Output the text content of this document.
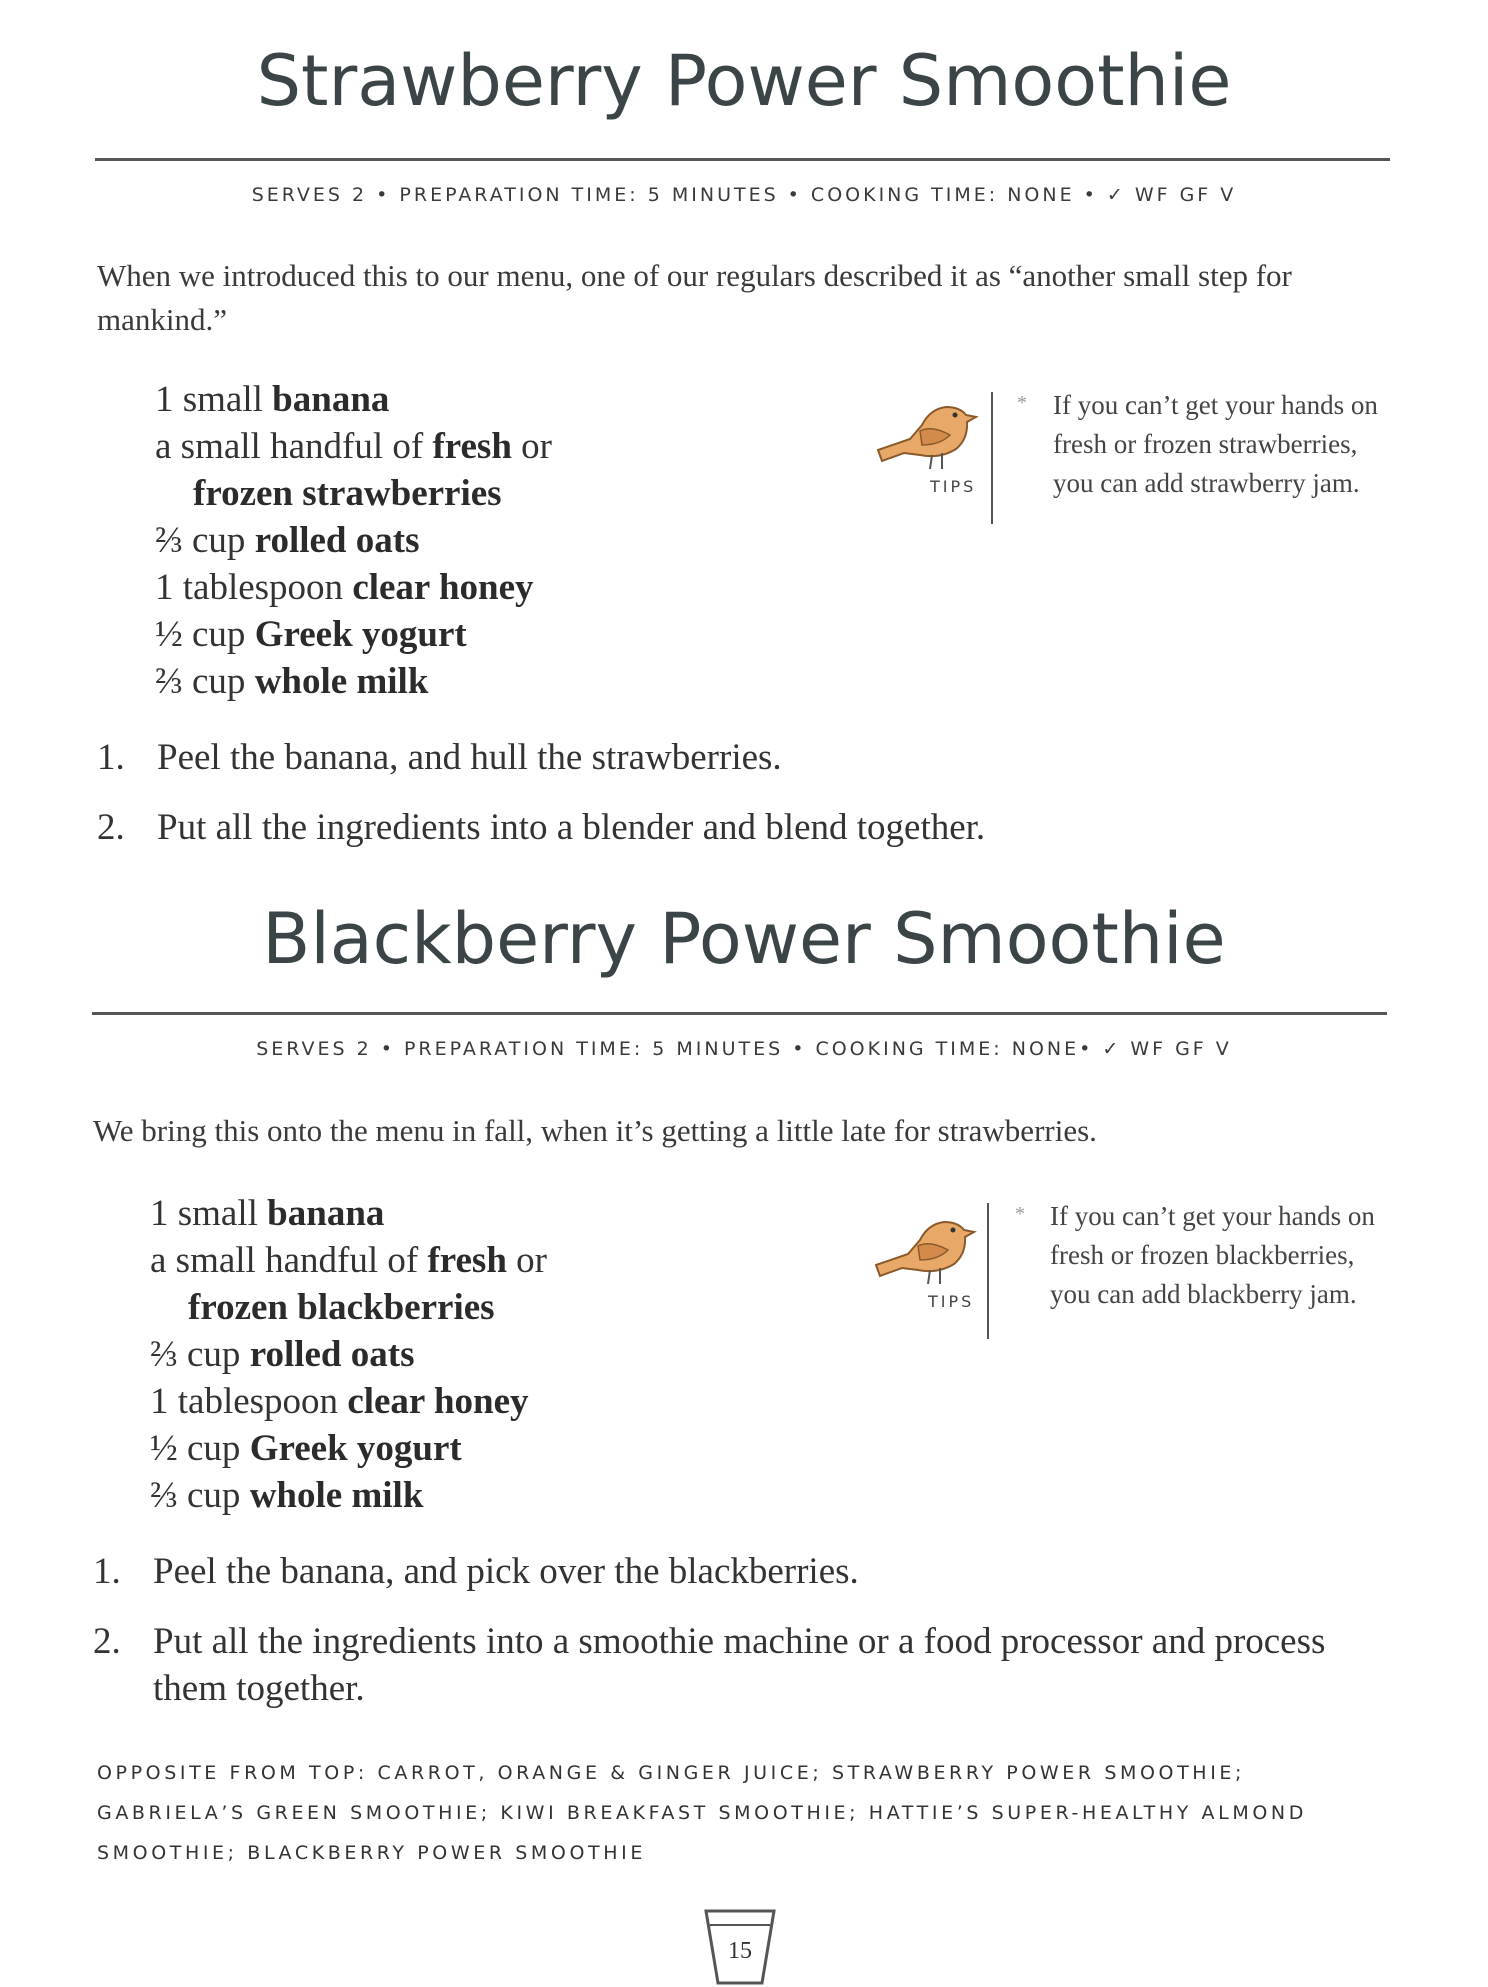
Strawberry Power Smoothie
SERVES 2 • PREPARATION TIME: 5 MINUTES • COOKING TIME: NONE • ✓ WF GF V
When we introduced this to our menu, one of our regulars described it as “another small step for mankind.”
1 small banana
a small handful of fresh or
frozen strawberries
⅔ cup rolled oats
1 tablespoon clear honey
½ cup Greek yogurt
⅔ cup whole milk
TIPS
* If you can’t get your hands on fresh or frozen strawberries, you can add strawberry jam.
1. Peel the banana, and hull the strawberries.
2. Put all the ingredients into a blender and blend together.
Blackberry Power Smoothie
SERVES 2 • PREPARATION TIME: 5 MINUTES • COOKING TIME: NONE• ✓ WF GF V
We bring this onto the menu in fall, when it’s getting a little late for strawberries.
1 small banana
a small handful of fresh or
frozen blackberries
⅔ cup rolled oats
1 tablespoon clear honey
½ cup Greek yogurt
⅔ cup whole milk
TIPS
* If you can’t get your hands on fresh or frozen blackberries, you can add blackberry jam.
1. Peel the banana, and pick over the blackberries.
2. Put all the ingredients into a smoothie machine or a food processor and process them together.
OPPOSITE FROM TOP: CARROT, ORANGE & GINGER JUICE; STRAWBERRY POWER SMOOTHIE; GABRIELA’S GREEN SMOOTHIE; KIWI BREAKFAST SMOOTHIE; HATTIE’S SUPER-HEALTHY ALMOND SMOOTHIE; BLACKBERRY POWER SMOOTHIE
15
